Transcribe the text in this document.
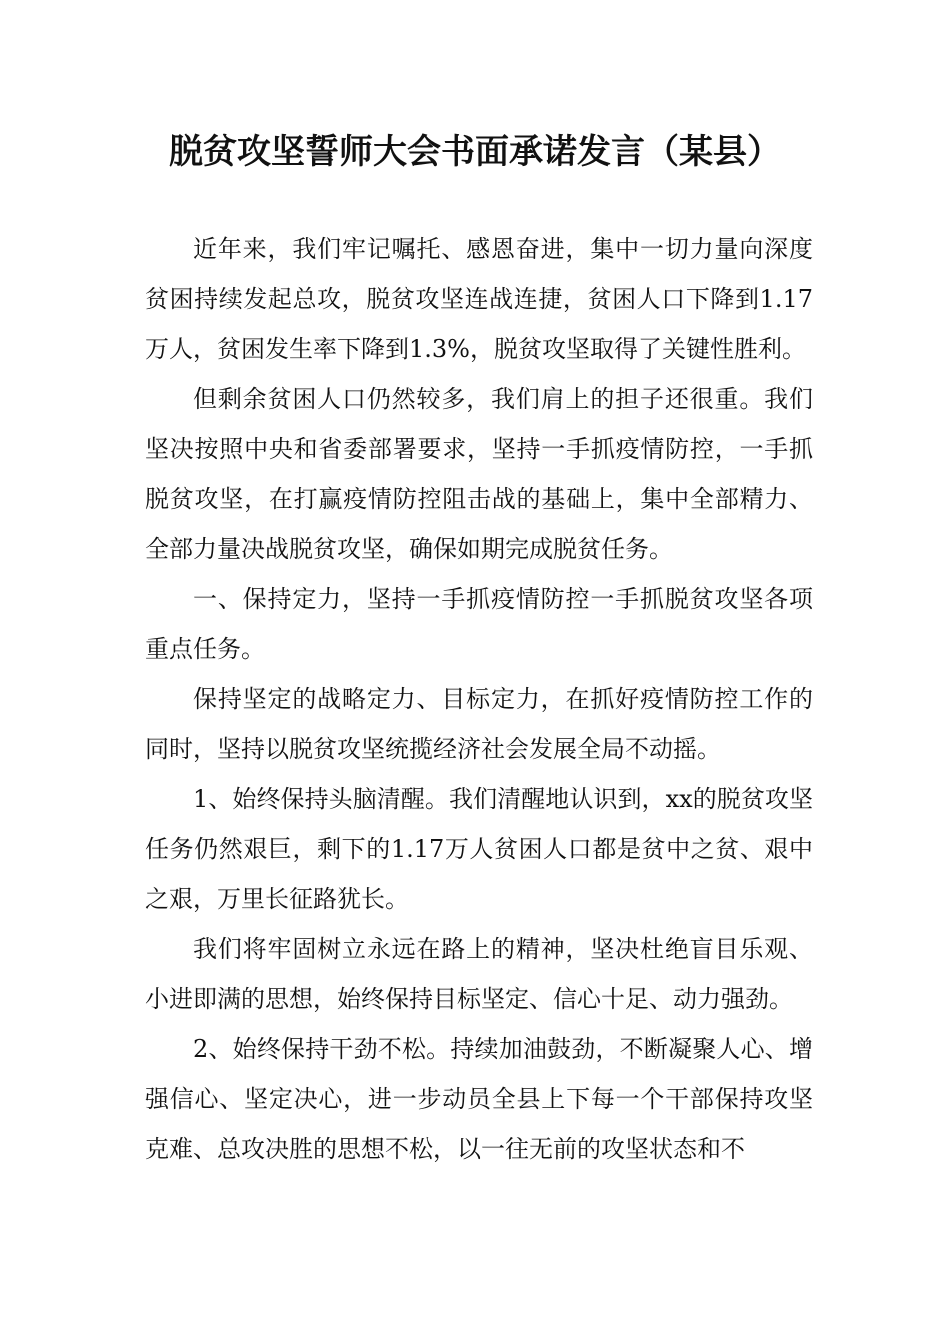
脱贫攻坚誓师大会书面承诺发言（某县）

近年来，我们牢记嘱托、感恩奋进，集中一切力量向深度贫困持续发起总攻，脱贫攻坚连战连捷，贫困人口下降到1.17万人，贫困发生率下降到1.3%，脱贫攻坚取得了关键性胜利。

但剩余贫困人口仍然较多，我们肩上的担子还很重。我们坚决按照中央和省委部署要求，坚持一手抓疫情防控，一手抓脱贫攻坚，在打赢疫情防控阻击战的基础上，集中全部精力、全部力量决战脱贫攻坚，确保如期完成脱贫任务。

一、保持定力，坚持一手抓疫情防控一手抓脱贫攻坚各项重点任务。

保持坚定的战略定力、目标定力，在抓好疫情防控工作的同时，坚持以脱贫攻坚统揽经济社会发展全局不动摇。

1、始终保持头脑清醒。我们清醒地认识到，xx的脱贫攻坚任务仍然艰巨，剩下的1.17万人贫困人口都是贫中之贫、艰中之艰，万里长征路犹长。

我们将牢固树立永远在路上的精神，坚决杜绝盲目乐观、小进即满的思想，始终保持目标坚定、信心十足、动力强劲。

2、始终保持干劲不松。持续加油鼓劲，不断凝聚人心、增强信心、坚定决心，进一步动员全县上下每一个干部保持攻坚克难、总攻决胜的思想不松，以一往无前的攻坚状态和不
